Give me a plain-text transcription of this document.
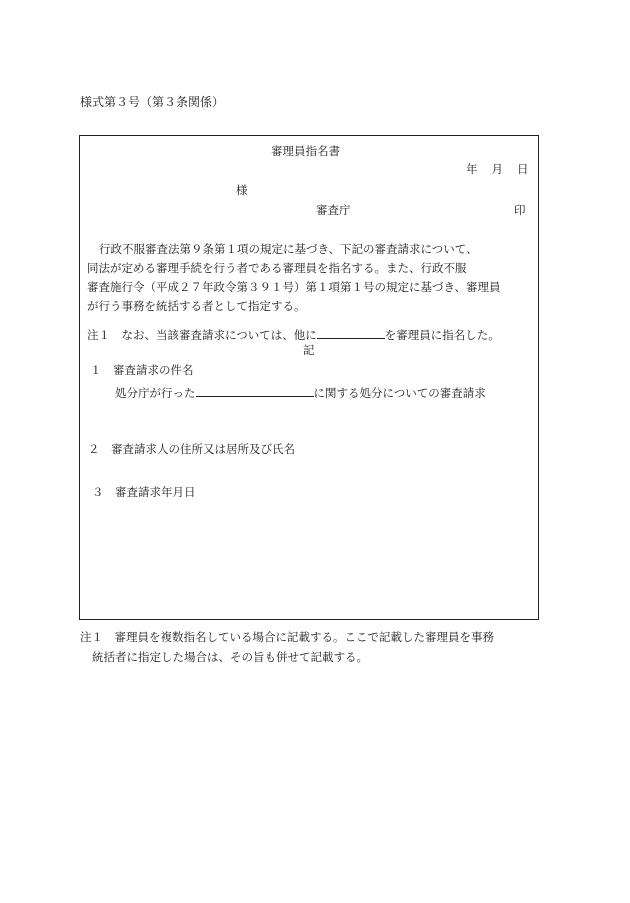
様式第３号（第３条関係）
審理員指名書
年 月 日
様
審査庁	印
行政不服審査法第９条第１項の規定に基づき、下記の審査請求について、
同法が定める審理手続を行う者である審理員を指名する。また、行政不服
審査施行令（平成２７年政令第３９１号）第１項第１号の規定に基づき、審理員
が行う事務を統括する者として指定する。
注１　なお、当該審査請求については、他に	を審理員に指名した。
記
１　審査請求の件名
処分庁が行った	に関する処分についての審査請求
２　審査請求人の住所又は居所及び氏名
３　審査請求年月日
注１　審理員を複数指名している場合に記載する。ここで記載した審理員を事務
統括者に指定した場合は、その旨も併せて記載する。
